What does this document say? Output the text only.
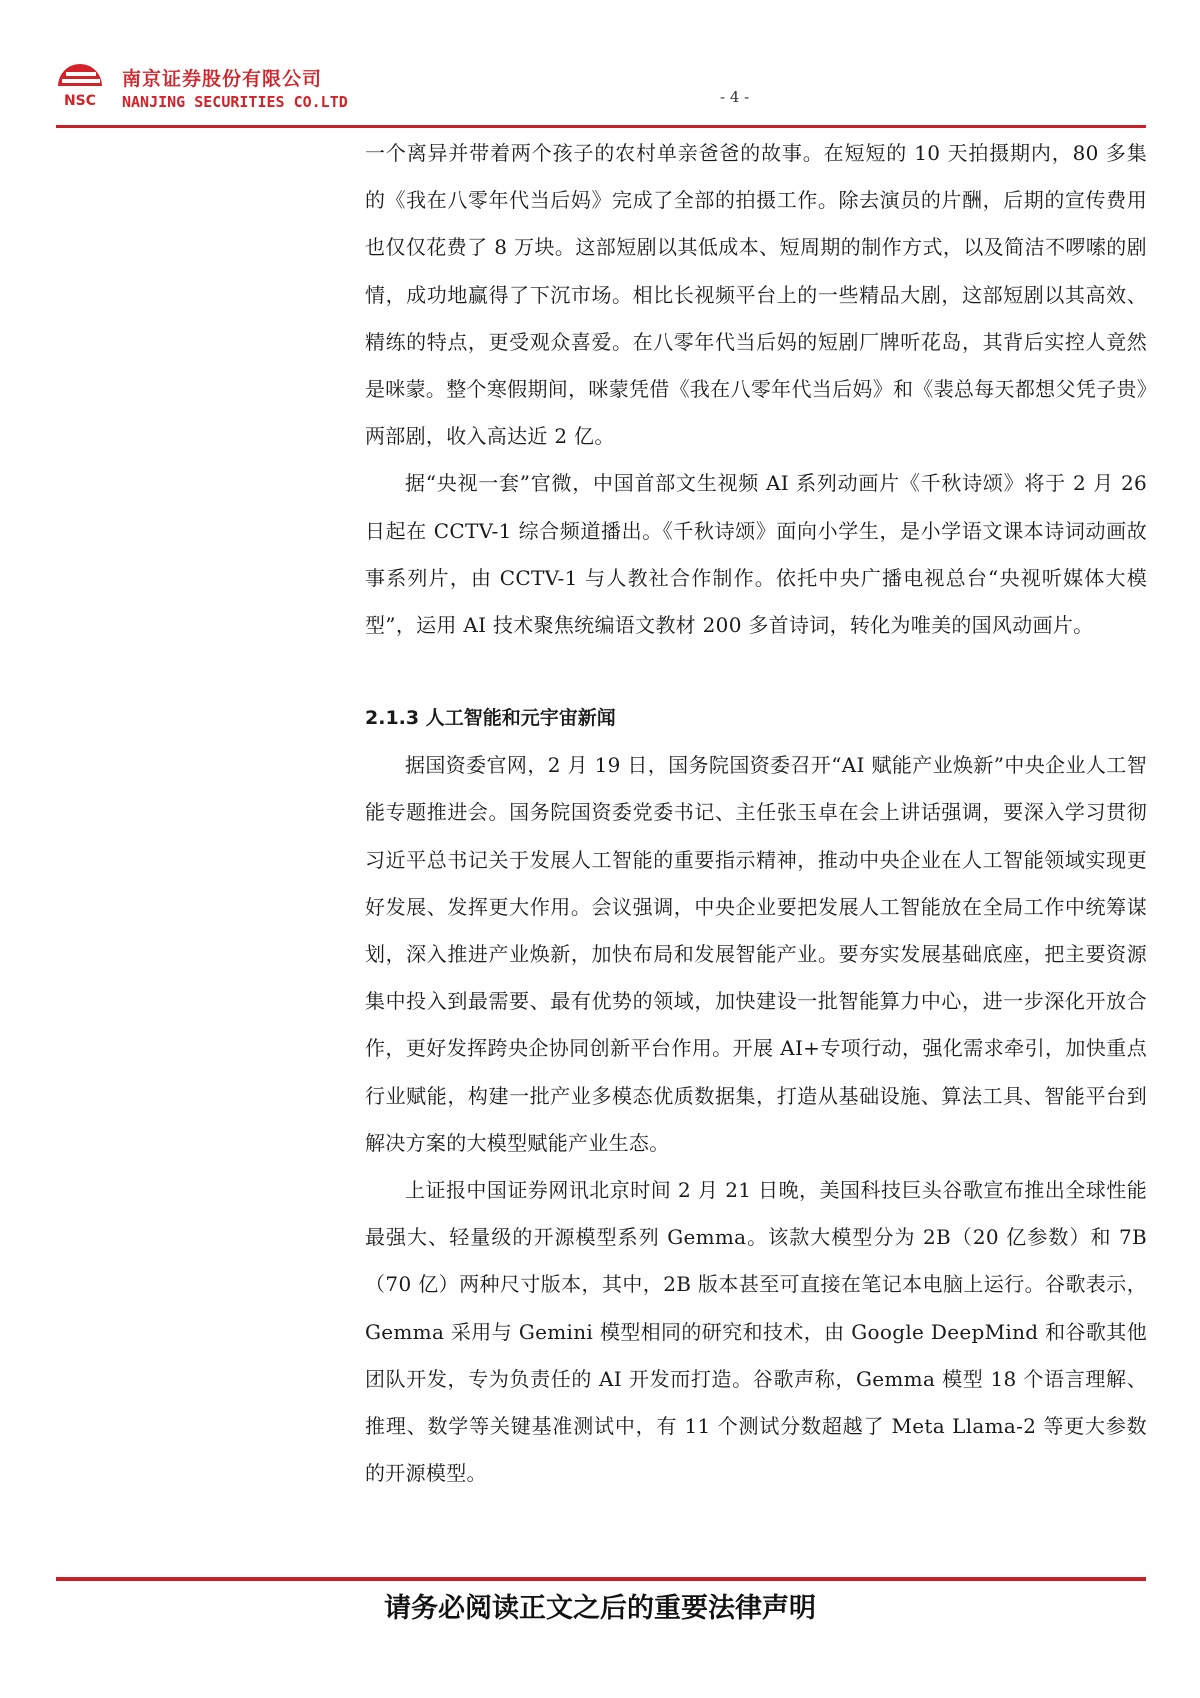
NSC
南京证券股份有限公司
NANJING SECURITIES CO.LTD	- 4 -

一个离异并带着两个孩子的农村单亲爸爸的故事。在短短的 10 天拍摄期内，80 多集的《我在八零年代当后妈》完成了全部的拍摄工作。除去演员的片酬，后期的宣传费用也仅仅花费了 8 万块。这部短剧以其低成本、短周期的制作方式，以及简洁不啰嗦的剧情，成功地赢得了下沉市场。相比长视频平台上的一些精品大剧，这部短剧以其高效、精练的特点，更受观众喜爱。在八零年代当后妈的短剧厂牌听花岛，其背后实控人竟然是咪蒙。整个寒假期间，咪蒙凭借《我在八零年代当后妈》和《裴总每天都想父凭子贵》两部剧，收入高达近 2 亿。

据“央视一套”官微，中国首部文生视频 AI 系列动画片《千秋诗颂》将于 2 月 26 日起在 CCTV-1 综合频道播出。《千秋诗颂》面向小学生，是小学语文课本诗词动画故事系列片，由 CCTV-1 与人教社合作制作。依托中央广播电视总台“央视听媒体大模型”，运用 AI 技术聚焦统编语文教材 200 多首诗词，转化为唯美的国风动画片。

2.1.3 人工智能和元宇宙新闻

据国资委官网，2 月 19 日，国务院国资委召开“AI 赋能产业焕新”中央企业人工智能专题推进会。国务院国资委党委书记、主任张玉卓在会上讲话强调，要深入学习贯彻习近平总书记关于发展人工智能的重要指示精神，推动中央企业在人工智能领域实现更好发展、发挥更大作用。会议强调，中央企业要把发展人工智能放在全局工作中统筹谋划，深入推进产业焕新，加快布局和发展智能产业。要夯实发展基础底座，把主要资源集中投入到最需要、最有优势的领域，加快建设一批智能算力中心，进一步深化开放合作，更好发挥跨央企协同创新平台作用。开展 AI+专项行动，强化需求牵引，加快重点行业赋能，构建一批产业多模态优质数据集，打造从基础设施、算法工具、智能平台到解决方案的大模型赋能产业生态。

上证报中国证券网讯北京时间 2 月 21 日晚，美国科技巨头谷歌宣布推出全球性能最强大、轻量级的开源模型系列 Gemma。该款大模型分为 2B（20 亿参数）和 7B（70 亿）两种尺寸版本，其中，2B 版本甚至可直接在笔记本电脑上运行。谷歌表示，Gemma 采用与 Gemini 模型相同的研究和技术，由 Google DeepMind 和谷歌其他团队开发，专为负责任的 AI 开发而打造。谷歌声称，Gemma 模型 18 个语言理解、推理、数学等关键基准测试中，有 11 个测试分数超越了 Meta Llama-2 等更大参数的开源模型。

请务必阅读正文之后的重要法律声明
